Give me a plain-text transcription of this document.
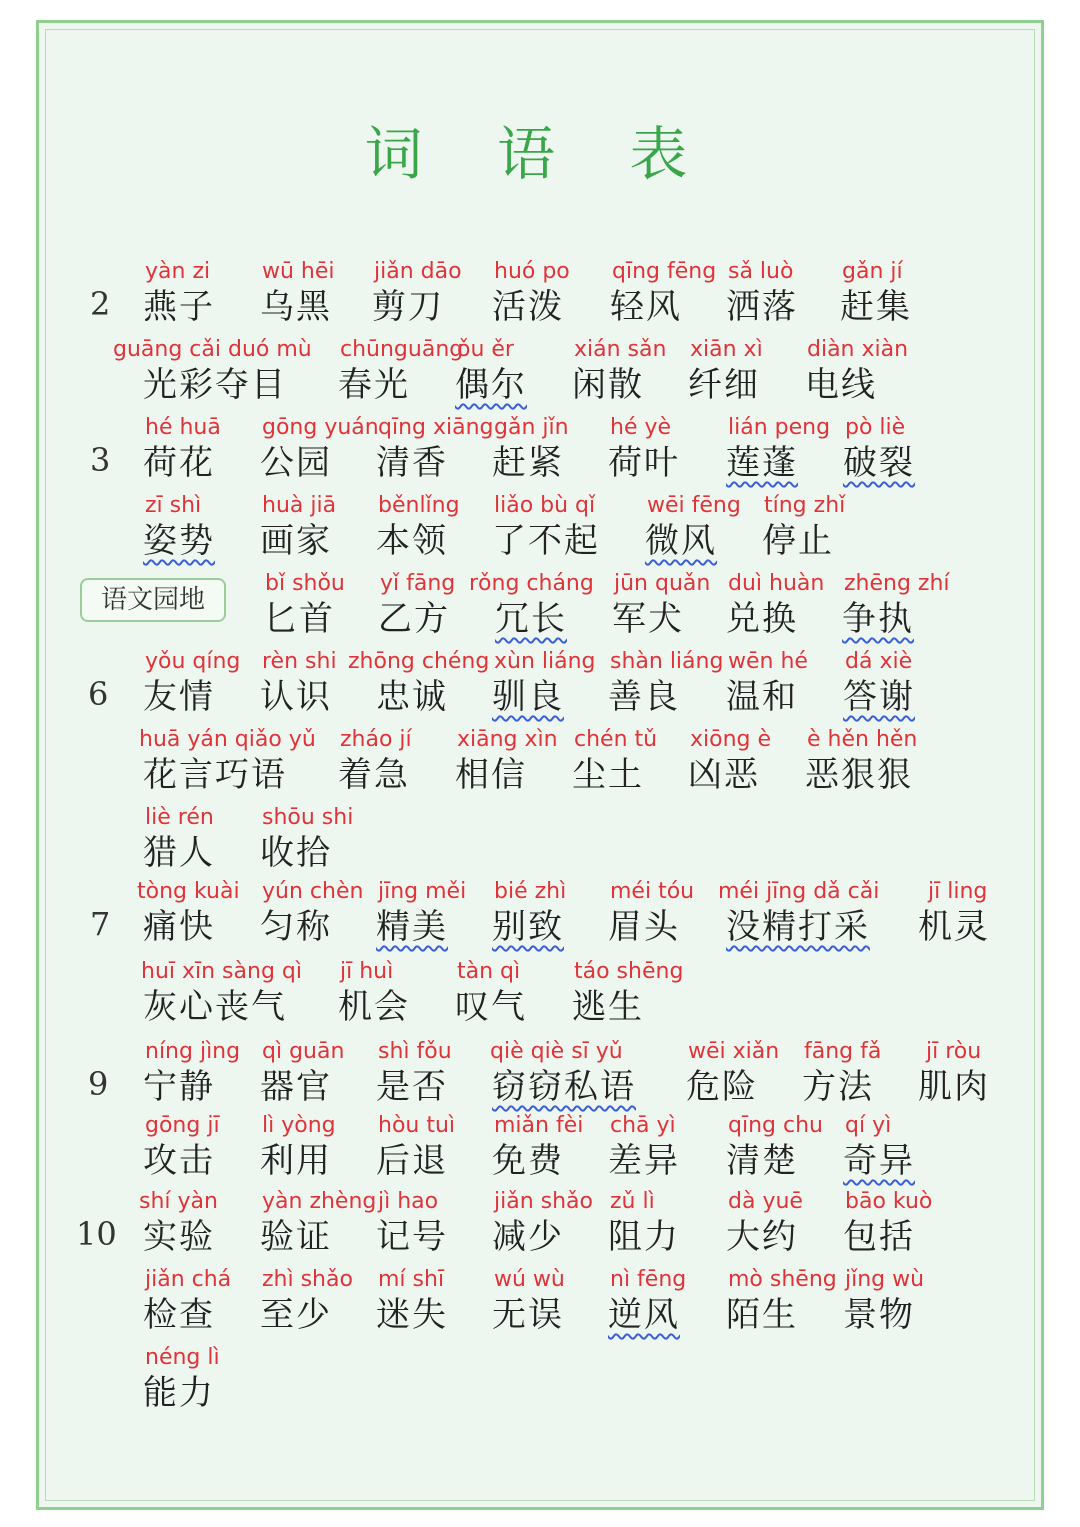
词 语 表
2
yàn zi
燕子
wū hēi
乌黑
jiǎn dāo
剪刀
huó po
活泼
qīng fēng
轻风
sǎ luò
洒落
gǎn jí
赶集
guāng cǎi duó mù
光彩夺目
chūnguāng
春光
ǒu ěr
偶尔
xián sǎn
闲散
xiān xì
纤细
diàn xiàn
电线
3
hé huā
荷花
gōng yuán
公园
qīng xiāng
清香
gǎn jǐn
赶紧
hé yè
荷叶
lián peng
莲蓬
pò liè
破裂
zī shì
姿势
huà jiā
画家
běnlǐng
本领
liǎo bù qǐ
了不起
wēi fēng
微风
tíng zhǐ
停止
语文园地
bǐ shǒu
匕首
yǐ fāng
乙方
rǒng cháng
冗长
jūn quǎn
军犬
duì huàn
兑换
zhēng zhí
争执
6
yǒu qíng
友情
rèn shi
认识
zhōng chéng
忠诚
xùn liáng
驯良
shàn liáng
善良
wēn hé
温和
dá xiè
答谢
huā yán qiǎo yǔ
花言巧语
zháo jí
着急
xiāng xìn
相信
chén tǔ
尘土
xiōng è
凶恶
è hěn hěn
恶狠狠
liè rén
猎人
shōu shi
收拾
7
tòng kuài
痛快
yún chèn
匀称
jīng měi
精美
bié zhì
别致
méi tóu
眉头
méi jīng dǎ cǎi
没精打采
jī ling
机灵
huī xīn sàng qì
灰心丧气
jī huì
机会
tàn qì
叹气
táo shēng
逃生
9
níng jìng
宁静
qì guān
器官
shì fǒu
是否
qiè qiè sī yǔ
窃窃私语
wēi xiǎn
危险
fāng fǎ
方法
jī ròu
肌肉
gōng jī
攻击
lì yòng
利用
hòu tuì
后退
miǎn fèi
免费
chā yì
差异
qīng chu
清楚
qí yì
奇异
10
shí yàn
实验
yàn zhèng
验证
jì hao
记号
jiǎn shǎo
减少
zǔ lì
阻力
dà yuē
大约
bāo kuò
包括
jiǎn chá
检查
zhì shǎo
至少
mí shī
迷失
wú wù
无误
nì fēng
逆风
mò shēng
陌生
jǐng wù
景物
néng lì
能力
